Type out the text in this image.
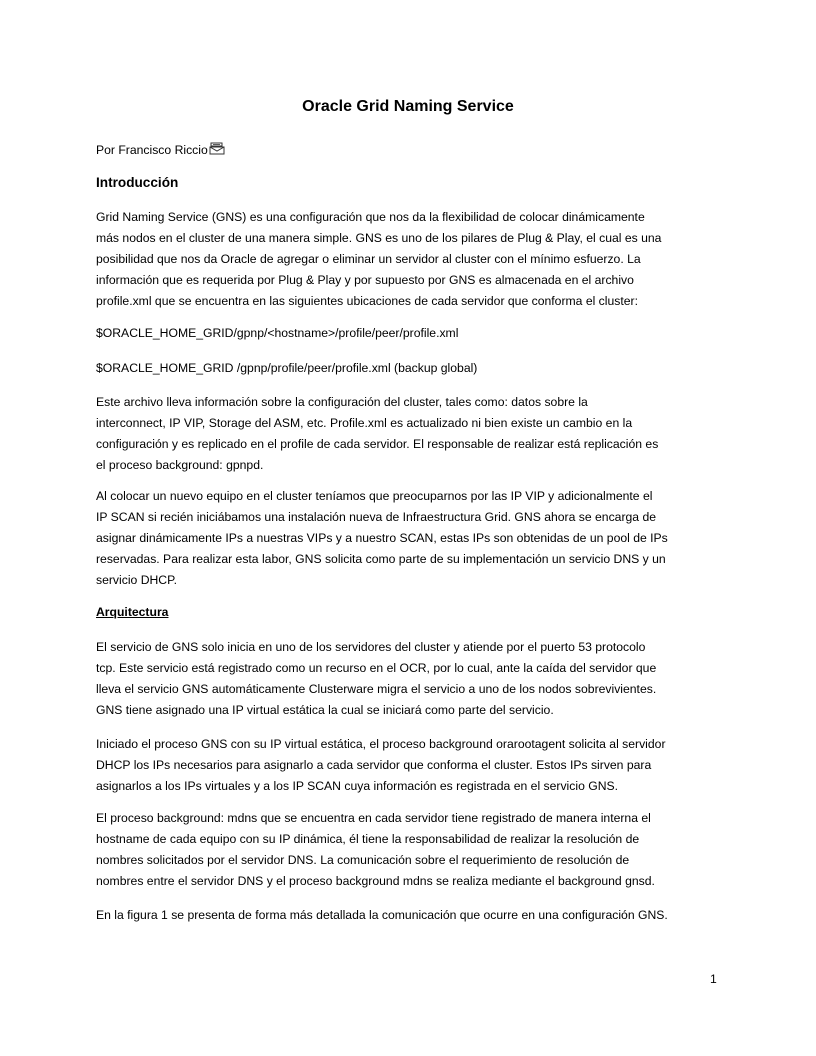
Oracle Grid Naming Service
Por Francisco Riccio
Introducción
Grid Naming Service (GNS) es una configuración que nos da la flexibilidad de colocar dinámicamente
más nodos en el cluster de una manera simple. GNS es uno de los pilares de Plug & Play, el cual es una
posibilidad que nos da Oracle de agregar o eliminar un servidor al cluster con el mínimo esfuerzo. La
información que es requerida por Plug & Play y por supuesto por GNS es almacenada en el archivo
profile.xml que se encuentra en las siguientes ubicaciones de cada servidor que conforma el cluster:
$ORACLE_HOME_GRID/gpnp/<hostname>/profile/peer/profile.xml
$ORACLE_HOME_GRID /gpnp/profile/peer/profile.xml (backup global)
Este archivo lleva información sobre la configuración del cluster, tales como: datos sobre la
interconnect, IP VIP, Storage del ASM, etc. Profile.xml es actualizado ni bien existe un cambio en la
configuración y es replicado en el profile de cada servidor. El responsable de realizar está replicación es
el proceso background: gpnpd.
Al colocar un nuevo equipo en el cluster teníamos que preocuparnos por las IP VIP y adicionalmente el
IP SCAN si recién iniciábamos una instalación nueva de Infraestructura Grid. GNS ahora se encarga de
asignar dinámicamente IPs a nuestras VIPs y a nuestro SCAN, estas IPs son obtenidas de un pool de IPs
reservadas. Para realizar esta labor, GNS solicita como parte de su implementación un servicio DNS y un
servicio DHCP.
Arquitectura
El servicio de GNS solo inicia en uno de los servidores del cluster y atiende por el puerto 53 protocolo
tcp. Este servicio está registrado como un recurso en el OCR, por lo cual, ante la caída del servidor que
lleva el servicio GNS automáticamente Clusterware migra el servicio a uno de los nodos sobrevivientes.
GNS tiene asignado una IP virtual estática la cual se iniciará como parte del servicio.
Iniciado el proceso GNS con su IP virtual estática, el proceso background orarootagent solicita al servidor
DHCP los IPs necesarios para asignarlo a cada servidor que conforma el cluster. Estos IPs sirven para
asignarlos a los IPs virtuales y a los IP SCAN cuya información es registrada en el servicio GNS.
El proceso background: mdns que se encuentra en cada servidor tiene registrado de manera interna el
hostname de cada equipo con su IP dinámica, él tiene la responsabilidad de realizar la resolución de
nombres solicitados por el servidor DNS. La comunicación sobre el requerimiento de resolución de
nombres entre el servidor DNS y el proceso background mdns se realiza mediante el background gnsd.
En la figura 1 se presenta de forma más detallada la comunicación que ocurre en una configuración GNS.
1
